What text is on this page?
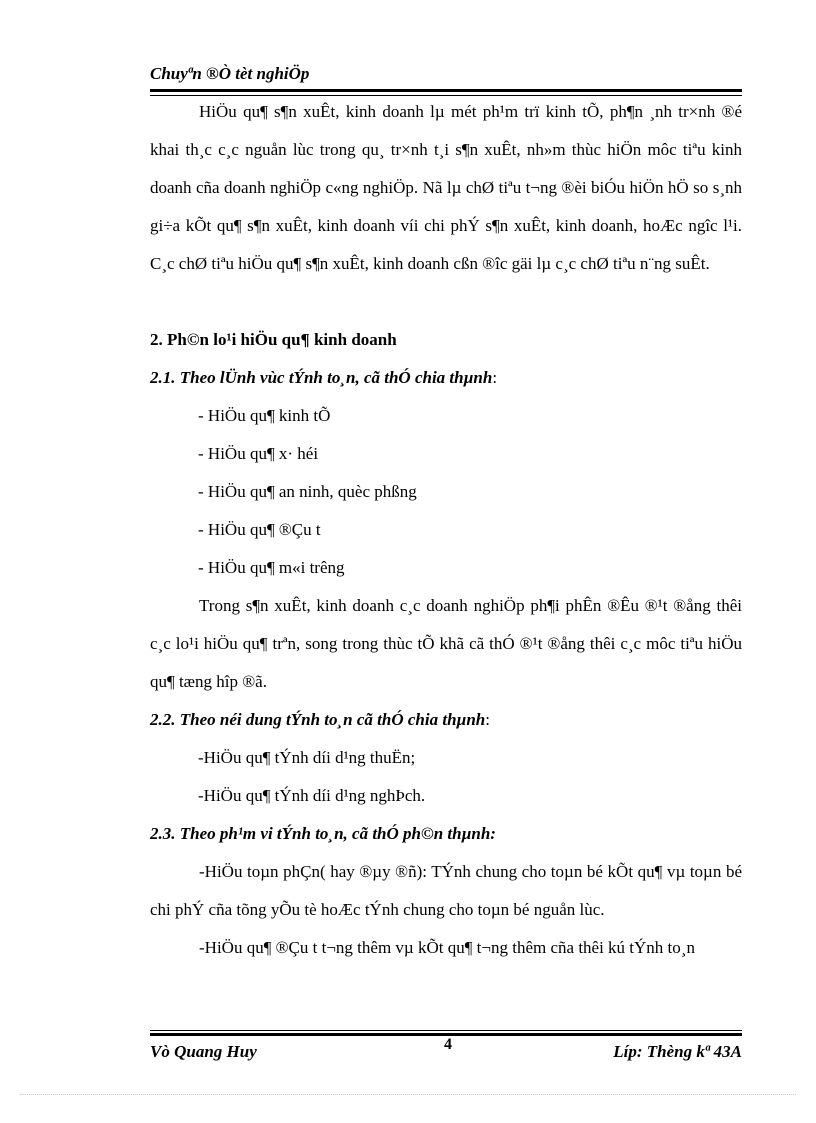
Chuyªn ®Ò tèt nghiÖp

HiÖu qu¶ s¶n xuÊt, kinh doanh lµ mét ph¹m trï kinh tÕ, ph¶n ¸nh tr×nh ®é khai th¸c c¸c nguån lùc trong qu¸ tr×nh t¸i s¶n xuÊt, nh»m thùc hiÖn môc tiªu kinh doanh cña doanh nghiÖp c«ng nghiÖp. Nã lµ chØ tiªu t¬ng ®èi biÓu hiÖn hÖ so s¸nh gi÷a kÕt qu¶ s¶n xuÊt, kinh doanh víi chi phÝ s¶n xuÊt, kinh doanh, hoÆc ngîc l¹i. C¸c chØ tiªu hiÖu qu¶ s¶n xuÊt, kinh doanh cßn ®îc gäi lµ c¸c chØ tiªu n¨ng suÊt.

2. Ph©n lo¹i hiÖu qu¶ kinh doanh

2.1. Theo lÜnh vùc tÝnh to¸n, cã thÓ chia thµnh:

- HiÖu qu¶ kinh tÕ

- HiÖu qu¶ x· héi

- HiÖu qu¶ an ninh, quèc phßng

- HiÖu qu¶ ®Çu t

- HiÖu qu¶ m«i trêng

Trong s¶n xuÊt, kinh doanh c¸c doanh nghiÖp ph¶i phÊn ®Êu ®¹t ®ång thêi c¸c lo¹i hiÖu qu¶ trªn, song trong thùc tÕ khã cã thÓ ®¹t ®ång thêi c¸c môc tiªu hiÖu qu¶ tæng hîp ®ã.

2.2. Theo néi dung tÝnh to¸n cã thÓ chia thµnh:

-HiÖu qu¶ tÝnh díi d¹ng thuËn;

-HiÖu qu¶ tÝnh díi d¹ng nghÞch.

2.3. Theo ph¹m vi tÝnh to¸n, cã thÓ ph©n thµnh:

-HiÖu toµn phÇn( hay ®µy ®ñ): TÝnh chung cho toµn bé kÕt qu¶ vµ toµn bé chi phÝ cña tõng yÕu tè hoÆc tÝnh chung cho toµn bé nguån lùc.

-HiÖu qu¶ ®Çu t t¬ng thêm vµ kÕt qu¶ t¬ng thêm cña thêi kú tÝnh to¸n

Vò Quang Huy	4	Líp: Thèng kª 43A
